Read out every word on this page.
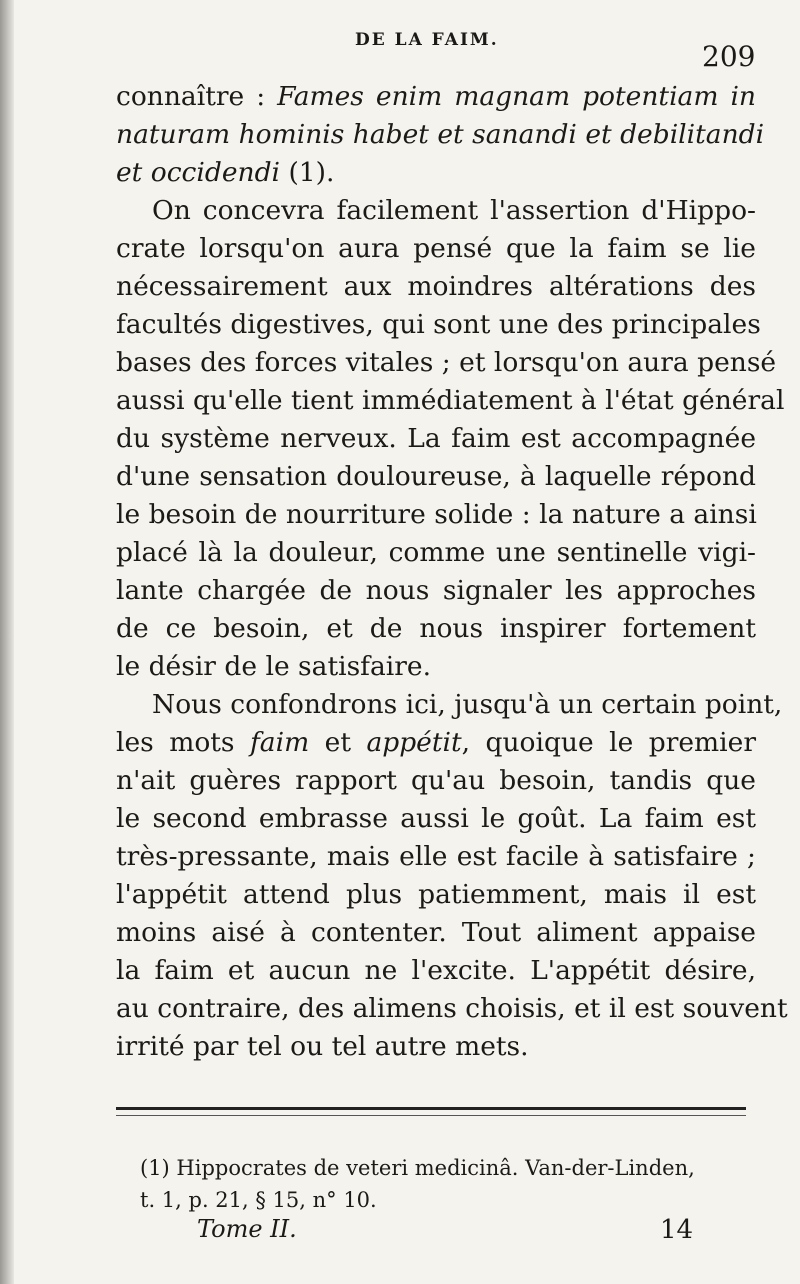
DE LA FAIM.	209
connaître : Fames enim magnam potentiam in
naturam hominis habet et sanandi et debilitandi
et occidendi (1).
On concevra facilement l'assertion d'Hippo-
crate lorsqu'on aura pensé que la faim se lie
nécessairement aux moindres altérations des
facultés digestives, qui sont une des principales
bases des forces vitales ; et lorsqu'on aura pensé
aussi qu'elle tient immédiatement à l'état général
du système nerveux. La faim est accompagnée
d'une sensation douloureuse, à laquelle répond
le besoin de nourriture solide : la nature a ainsi
placé là la douleur, comme une sentinelle vigi-
lante chargée de nous signaler les approches
de ce besoin, et de nous inspirer fortement
le désir de le satisfaire.
Nous confondrons ici, jusqu'à un certain point,
les mots faim et appétit, quoique le premier
n'ait guères rapport qu'au besoin, tandis que
le second embrasse aussi le goût. La faim est
très-pressante, mais elle est facile à satisfaire ;
l'appétit attend plus patiemment, mais il est
moins aisé à contenter. Tout aliment appaise
la faim et aucun ne l'excite. L'appétit désire,
au contraire, des alimens choisis, et il est souvent
irrité par tel ou tel autre mets.
(1) Hippocrates de veteri medicinâ. Van-der-Linden,
t. 1, p. 21, § 15, n° 10.
Tome II.	14
